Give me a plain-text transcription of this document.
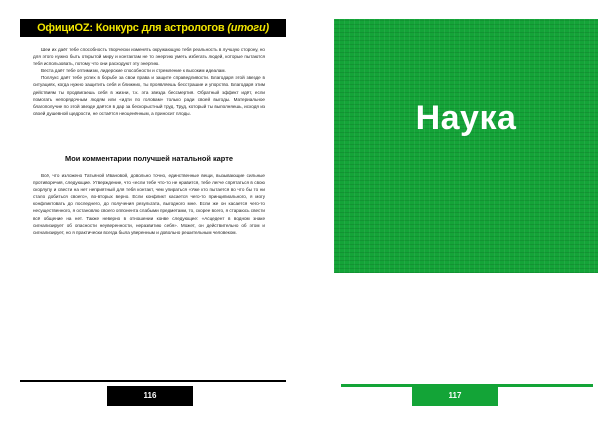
ОфициOZ: Конкурс для астрологов (итоги)

Шеи их даёт тебе способность творчески изменять окружающую тебя реальность в лучшую сторону, но для этого нужно быть открытой миру и контактам не то энергию уметь избегать людей, которые пытаются тебя использовать, потому что они расходуют эту энергию.

Веста даёт тебе оптимизм, лидерские способности и стремление к высоким идеалам.

Поллукс даёт тебе успех в борьбе за свои права и защите справедливости. Благодаря этой звезде в ситуациях, когда нужно защитить себя и ближних, ты проявляешь бесстрашие и упорство. Благодаря этим действиям ты продвигаешь себя в жизни, т.к. эта звезда бессмертия. Обратный эффект идёт, если помогать непорядочным людям или «идти по головам» только ради своей выгоды. Материальное благополучие по этой звезде даётся в дар за бескорыстный труд. Труд, который ты выполняешь, исходя из своей душевной щедрости, не остаётся неоценённым, а приносит плоды.

Мои комментарии получшей натальной карте

Всё, что изложено Татьяной Ивановой, довольно точно, единственные вещи, вызывающие сильные противоречия, следующие. Утверждение, что «если тебе что-то не нравится, тебе легче спрятаться в свою скорлупу и свести на нет неприятный для тебя контакт, чем упираться «Уже кто пытается во что бы то ни стало добиться своего», во-вторых верно. Если конфликт касается чего-то принципиального, я могу конфликтовать до последнего, до получения результата, выгодного мне. Если же он касается чего-то несущественного, я остановлю своего оппонента слабыми предметами, то, скорее всего, я стараюсь свести всё общение на нет. Также неверно в отношении конве следующее: «Асцедент в водном знаке сигнализирует об опасности неуверенности, неразвитию себя». Может, он действительно об этом и сигнализирует, но я практически всегда была уверенным и довольно решительным человеком.

116
Наука
117
